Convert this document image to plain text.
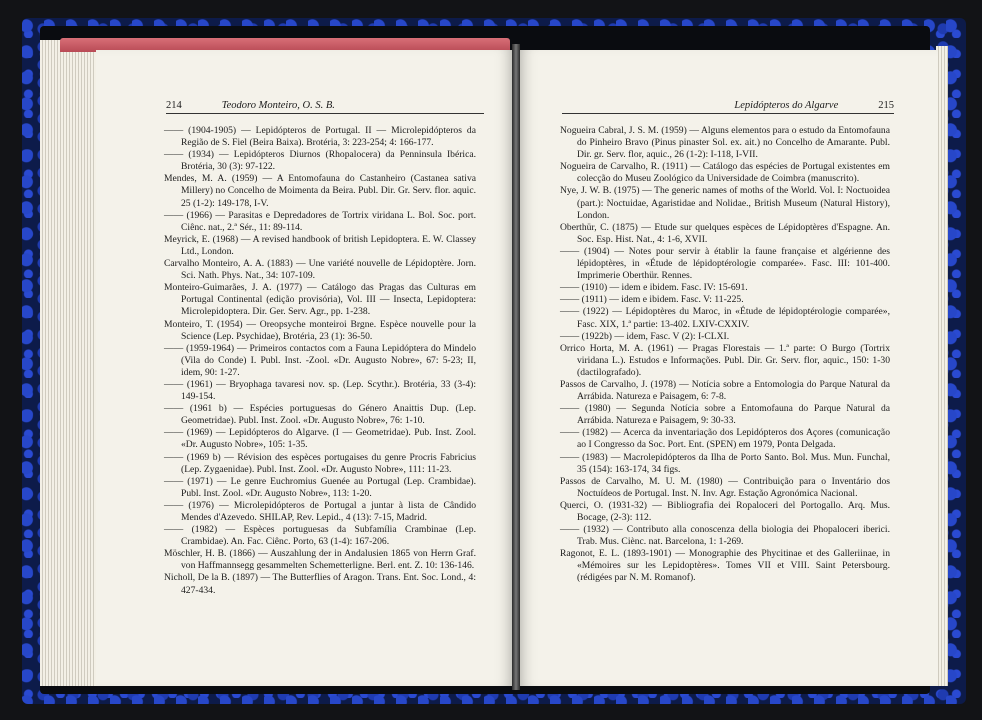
214	Teodoro Monteiro, O. S. B.

—— (1904-1905) — Lepidópteros de Portugal. II — Microlepidópteros da Região de S. Fiel (Beira Baixa). Brotéria, 3: 223-254; 4: 166-177.

—— (1934) — Lepidópteros Diurnos (Rhopalocera) da Penninsula Ibérica. Brotéria, 30 (3): 97-122.

Mendes, M. A. (1959) — A Entomofauna do Castanheiro (Castanea sativa Millery) no Concelho de Moimenta da Beira. Publ. Dir. Gr. Serv. flor. aquic. 25 (1-2): 149-178, I-V.

—— (1966) — Parasitas e Depredadores de Tortrix viridana L. Bol. Soc. port. Ciênc. nat., 2.ª Sér., 11: 89-114.

Meyrick, E. (1968) — A revised handbook of british Lepidoptera. E. W. Classey Ltd., London.

Carvalho Monteiro, A. A. (1883) — Une variété nouvelle de Lépidoptère. Jorn. Sci. Nath. Phys. Nat., 34: 107-109.

Monteiro-Guimarães, J. A. (1977) — Catálogo das Pragas das Culturas em Portugal Continental (edição provisória), Vol. III — Insecta, Lepidoptera: Microlepidoptera. Dir. Ger. Serv. Agr., pp. 1-238.

Monteiro, T. (1954) — Oreopsyche monteiroi Brgne. Espèce nouvelle pour la Science (Lep. Psychidae), Brotéria, 23 (1): 36-50.

—— (1959-1964) — Primeiros contactos com a Fauna Lepidóptera do Mindelo (Vila do Conde) I. Publ. Inst. -Zool. «Dr. Augusto Nobre», 67: 5-23; II, idem, 90: 1-27.

—— (1961) — Bryophaga tavaresi nov. sp. (Lep. Scythr.). Brotéria, 33 (3-4): 149-154.

—— (1961 b) — Espécies portuguesas do Género Anaittis Dup. (Lep. Geometridae). Publ. Inst. Zool. «Dr. Augusto Nobre», 76: 1-10.

—— (1969) — Lepidópteros do Algarve. (I — Geometridae). Pub. Inst. Zool. «Dr. Augusto Nobre», 105: 1-35.

—— (1969 b) — Révision des espèces portugaises du genre Procris Fabricius (Lep. Zygaenidae). Publ. Inst. Zool. «Dr. Augusto Nobre», 111: 11-23.

—— (1971) — Le genre Euchromius Guenée au Portugal (Lep. Crambidae). Publ. Inst. Zool. «Dr. Augusto Nobre», 113: 1-20.

—— (1976) — Microlepidópteros de Portugal a juntar à lista de Cândido Mendes d'Azevedo. SHILAP, Rev. Lepid., 4 (13): 7-15, Madrid.

—— (1982) — Espèces portuguesas da Subfamília Crambinae (Lep. Crambidae). An. Fac. Ciênc. Porto, 63 (1-4): 167-206.

Möschler, H. B. (1866) — Auszahlung der in Andalusien 1865 von Herrn Graf. von Haffmannsegg gesammelten Schemetterligne. Berl. ent. Z. 10: 136-146.

Nicholl, De la B. (1897) — The Butterflies of Aragon. Trans. Ent. Soc. Lond., 4: 427-434.

Lepidópteros do Algarve	215

Nogueira Cabral, J. S. M. (1959) — Alguns elementos para o estudo da Entomofauna do Pinheiro Bravo (Pinus pinaster Sol. ex. ait.) no Concelho de Amarante. Publ. Dir. gr. Serv. flor, aquic., 26 (1-2): I-118, I-VII.

Nogueira de Carvalho, R. (1911) — Catálogo das espécies de Portugal existentes em colecção do Museu Zoológico da Universidade de Coimbra (manuscrito).

Nye, J. W. B. (1975) — The generic names of moths of the World. Vol. I: Noctuoidea (part.): Noctuidae, Agaristidae and Nolidae., British Museum (Natural History), London.

Oberthür, C. (1875) — Etude sur quelques espèces de Lépidoptères d'Espagne. An. Soc. Esp. Hist. Nat., 4: 1-6, XVII.

—— (1904) — Notes pour servir à établir la faune française et algérienne des lépidoptères, in «Étude de lépidoptérologie comparée». Fasc. III: 101-400. Imprimerie Oberthür. Rennes.

—— (1910) — idem e ibidem. Fasc. IV: 15-691.

—— (1911) — idem e ibidem. Fasc. V: 11-225.

—— (1922) — Lépidoptères du Maroc, in «Étude de lépidoptérologie comparée», Fasc. XIX, 1.ª partie: 13-402. LXIV-CXXIV.

—— (1922b) — idem, Fasc. V (2): I-CLXI.

Orrico Horta, M. A. (1961) — Pragas Florestais — 1.ª parte: O Burgo (Tortrix viridana L.). Estudos e Informações. Publ. Dir. Gr. Serv. flor, aquic., 150: 1-30 (dactilografado).

Passos de Carvalho, J. (1978) — Notícia sobre a Entomologia do Parque Natural da Arrábida. Natureza e Paisagem, 6: 7-8.

—— (1980) — Segunda Notícia sobre a Entomofauna do Parque Natural da Arrábida. Natureza e Paisagem, 9: 30-33.

—— (1982) — Acerca da inventariação dos Lepidópteros dos Açores (comunicação ao I Congresso da Soc. Port. Ent. (SPEN) em 1979, Ponta Delgada.

—— (1983) — Macrolepidópteros da Ilha de Porto Santo. Bol. Mus. Mun. Funchal, 35 (154): 163-174, 34 figs.

Passos de Carvalho, M. U. M. (1980) — Contribuição para o Inventário dos Noctuídeos de Portugal. Inst. N. Inv. Agr. Estação Agronómica Nacional.

Querci, O. (1931-32) — Bibliografia dei Ropaloceri del Portogallo. Arq. Mus. Bocage, (2-3): 112.

—— (1932) — Contributo alla conoscenza della biologia dei Phopaloceri iberici. Trab. Mus. Ciènc. nat. Barcelona, 1: 1-269.

Ragonot, E. L. (1893-1901) — Monographie des Phycitinae et des Galleriinae, in «Mémoires sur les Lepidoptères». Tomes VII et VIII. Saint Petersbourg. (rédigées par N. M. Romanof).
